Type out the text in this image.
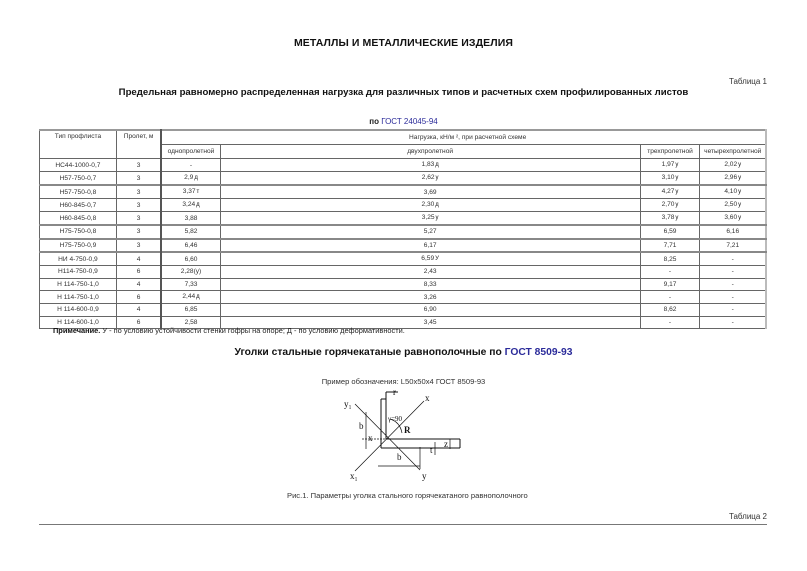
МЕТАЛЛЫ И МЕТАЛЛИЧЕСКИЕ ИЗДЕЛИЯ
Таблица 1
Предельная равномерно распределенная нагрузка для различных типов и расчетных схем профилированных листов
по ГОСТ 24045-94
Тип профлиста	Пролет, м	Нагрузка, кН/м ², при расчетной схеме			
		однопролетной	двухпролетной	трехпролетной	четырехпролетной
НС44-1000-0,7	3	-	1,83д	1,97у	2,02у
Н57-750-0,7	3	2,9д	2,62у	3,10у	2,96у
Н57-750-0,8	3	3,37т	3,69	4,27у	4,10у
Н60-845-0,7	3	3,24д	2,30д	2,70у	2,50у
Н60-845-0,8	3	3,88	3,25у	3,78у	3,60у
Н75-750-0,8	3	5,82	5,27	6,59	6,16
Н75-750-0,9	3	6,46	6,17	7,71	7,21
НИ 4-750-0,9	4	6,60	6,59У	8,25	-
Н114-750-0,9	6	2,28(у)	2,43	-	-
Н 114-750-1,0	4	7,33	8,33	9,17	-
Н 114-750-1,0	6	2,44д	3,26	-	-
Н 114-600-0,9	4	6,85	6,90	8,62	-
Н 114-600-1,0	6	2,58	3,45	-	-
Примечание. У - по условию устойчивости стенки гофры на опоре; Д - по условию деформативности.
Уголки стальные горячекатаные равнополочные по ГОСТ 8509-93
Пример обозначения: L50x50x4 ГОСТ 8509-93
r
y₁
x
b
γ=90
R
x
z
t
b
x₁	y
Рис.1. Параметры уголка стального горячекатаного равнополочного
Таблица 2
